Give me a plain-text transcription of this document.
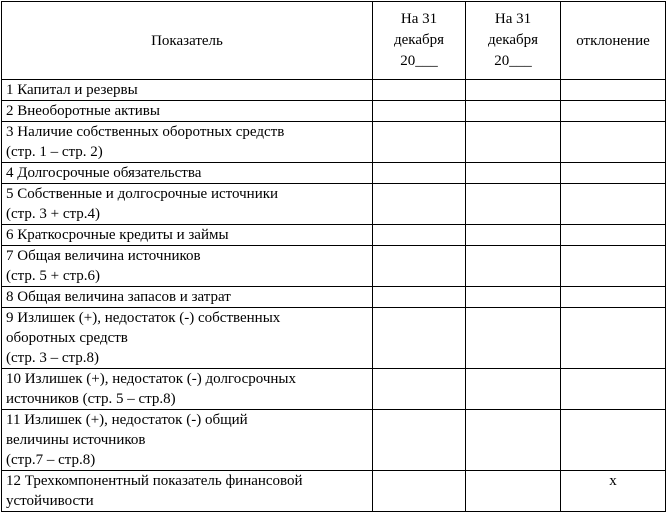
Показатель	На 31
декабря
20___	На 31
декабря
20___	отклонение

1 Капитал и резервы			

2 Внеоборотные активы			

3 Наличие собственных оборотных средств
(стр. 1 – стр. 2)			

4 Долгосрочные обязательства			

5 Собственные и долгосрочные источники
(стр. 3 + стр.4)			

6 Краткосрочные кредиты и займы			

7 Общая величина источников
(стр. 5 + стр.6)			

8 Общая величина запасов и затрат			

9 Излишек (+), недостаток (-) собственных
оборотных средств
(стр. 3 – стр.8)			

10 Излишек (+), недостаток (-) долгосрочных
источников (стр. 5 – стр.8)			

11 Излишек (+), недостаток (-) общий
величины источников
(стр.7 – стр.8)			

12 Трехкомпонентный показатель финансовой
устойчивости			х
